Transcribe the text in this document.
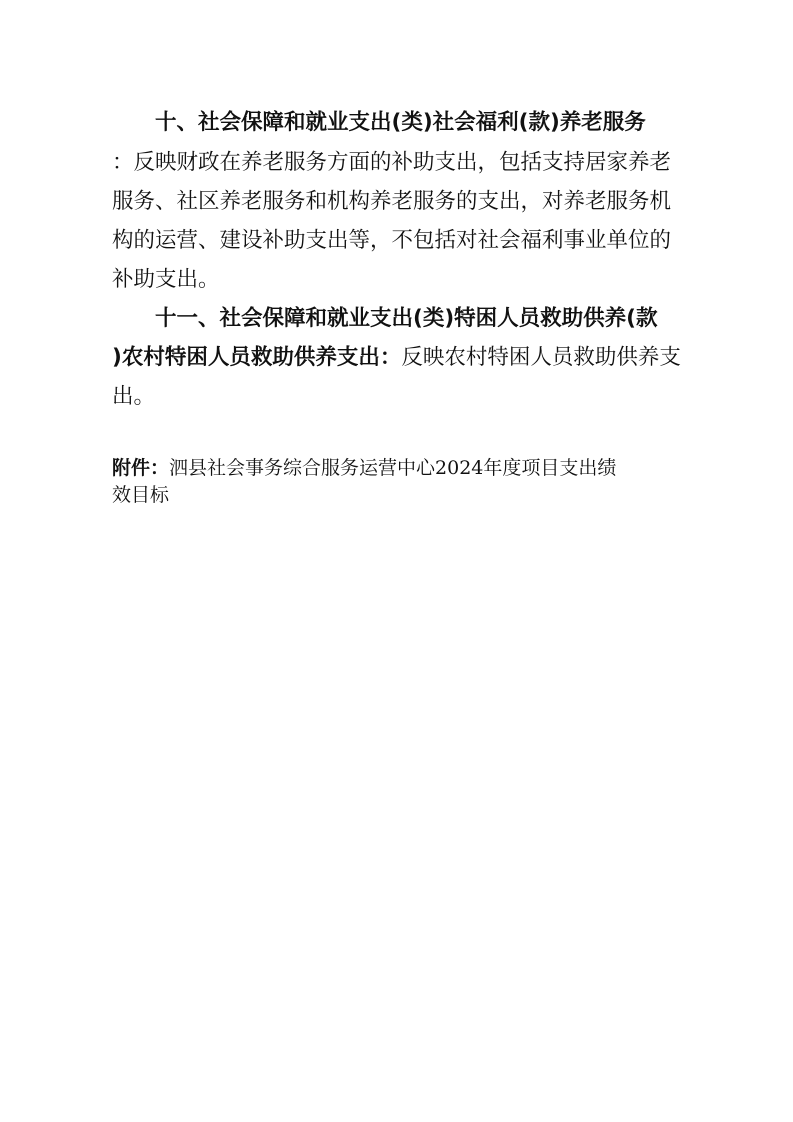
十、社会保障和就业支出(类)社会福利(款)养老服务
：反映财政在养老服务方面的补助支出，包括支持居家养老
服务、社区养老服务和机构养老服务的支出，对养老服务机
构的运营、建设补助支出等，不包括对社会福利事业单位的
补助支出。
十一、社会保障和就业支出(类)特困人员救助供养(款
)农村特困人员救助供养支出：反映农村特困人员救助供养支
出。
附件：泗县社会事务综合服务运营中心2024年度项目支出绩
效目标
